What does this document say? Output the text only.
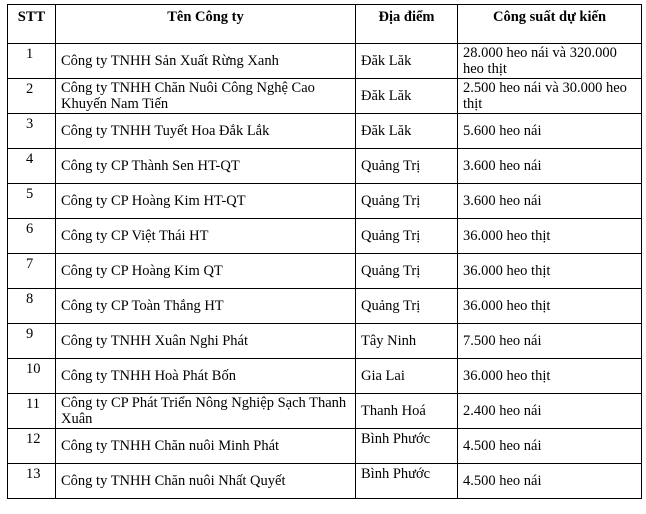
STT	Tên Công ty	Địa điểm	Công suất dự kiến
1	Công ty TNHH Sản Xuất Rừng Xanh	Đăk Lăk	28.000 heo nái và 320.000 heo thịt
2	Công ty TNHH Chăn Nuôi Công Nghệ Cao Khuyến Nam Tiến	Đăk Lăk	2.500 heo nái và 30.000 heo thịt
3	Công ty TNHH Tuyết Hoa Đắk Lắk	Đăk Lăk	5.600 heo nái
4	Công ty CP Thành Sen HT-QT	Quảng Trị	3.600 heo nái
5	Công ty CP Hoàng Kim HT-QT	Quảng Trị	3.600 heo nái
6	Công ty CP Việt Thái HT	Quảng Trị	36.000 heo thịt
7	Công ty CP Hoàng Kim QT	Quảng Trị	36.000 heo thịt
8	Công ty CP Toàn Thắng HT	Quảng Trị	36.000 heo thịt
9	Công ty TNHH Xuân Nghi Phát	Tây Ninh	7.500 heo nái
10	Công ty TNHH Hoà Phát Bốn	Gia Lai	36.000 heo thịt
11	Công ty CP Phát Triển Nông Nghiệp Sạch Thanh Xuân	Thanh Hoá	2.400 heo nái
12	Công ty TNHH Chăn nuôi Minh Phát	Bình Phước	4.500 heo nái
13	Công ty TNHH Chăn nuôi Nhất Quyết	Bình Phước	4.500 heo nái
